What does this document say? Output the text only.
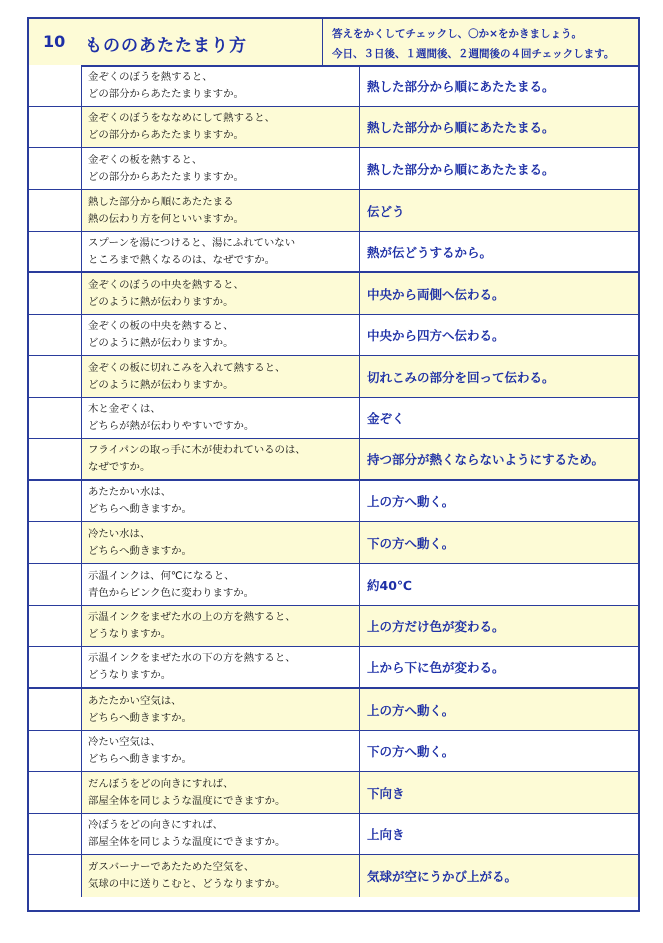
10 もののあたたまり方
答えをかくしてチェックし、〇か×をかきましょう。
今日、３日後、１週間後、２週間後の４回チェックします。
金ぞくのぼうを熱すると、
どの部分からあたたまりますか。	熱した部分から順にあたたまる。
金ぞくのぼうをななめにして熱すると、
どの部分からあたたまりますか。	熱した部分から順にあたたまる。
金ぞくの板を熱すると、
どの部分からあたたまりますか。	熱した部分から順にあたたまる。
熱した部分から順にあたたまる
熱の伝わり方を何といいますか。	伝どう
スプーンを湯につけると、湯にふれていない
ところまで熱くなるのは、なぜですか。	熱が伝どうするから。
金ぞくのぼうの中央を熱すると、
どのように熱が伝わりますか。	中央から両側へ伝わる。
金ぞくの板の中央を熱すると、
どのように熱が伝わりますか。	中央から四方へ伝わる。
金ぞくの板に切れこみを入れて熱すると、
どのように熱が伝わりますか。	切れこみの部分を回って伝わる。
木と金ぞくは、
どちらが熱が伝わりやすいですか。	金ぞく
フライパンの取っ手に木が使われているのは、
なぜですか。	持つ部分が熱くならないようにするため。
あたたかい水は、
どちらへ動きますか。	上の方へ動く。
冷たい水は、
どちらへ動きますか。	下の方へ動く。
示温インクは、何℃になると、
青色からピンク色に変わりますか。	約40℃
示温インクをまぜた水の上の方を熱すると、
どうなりますか。	上の方だけ色が変わる。
示温インクをまぜた水の下の方を熱すると、
どうなりますか。	上から下に色が変わる。
あたたかい空気は、
どちらへ動きますか。	上の方へ動く。
冷たい空気は、
どちらへ動きますか。	下の方へ動く。
だんぼうをどの向きにすれば、
部屋全体を同じような温度にできますか。	下向き
冷ぼうをどの向きにすれば、
部屋全体を同じような温度にできますか。	上向き
ガスバーナーであたためた空気を、
気球の中に送りこむと、どうなりますか。	気球が空にうかび上がる。
